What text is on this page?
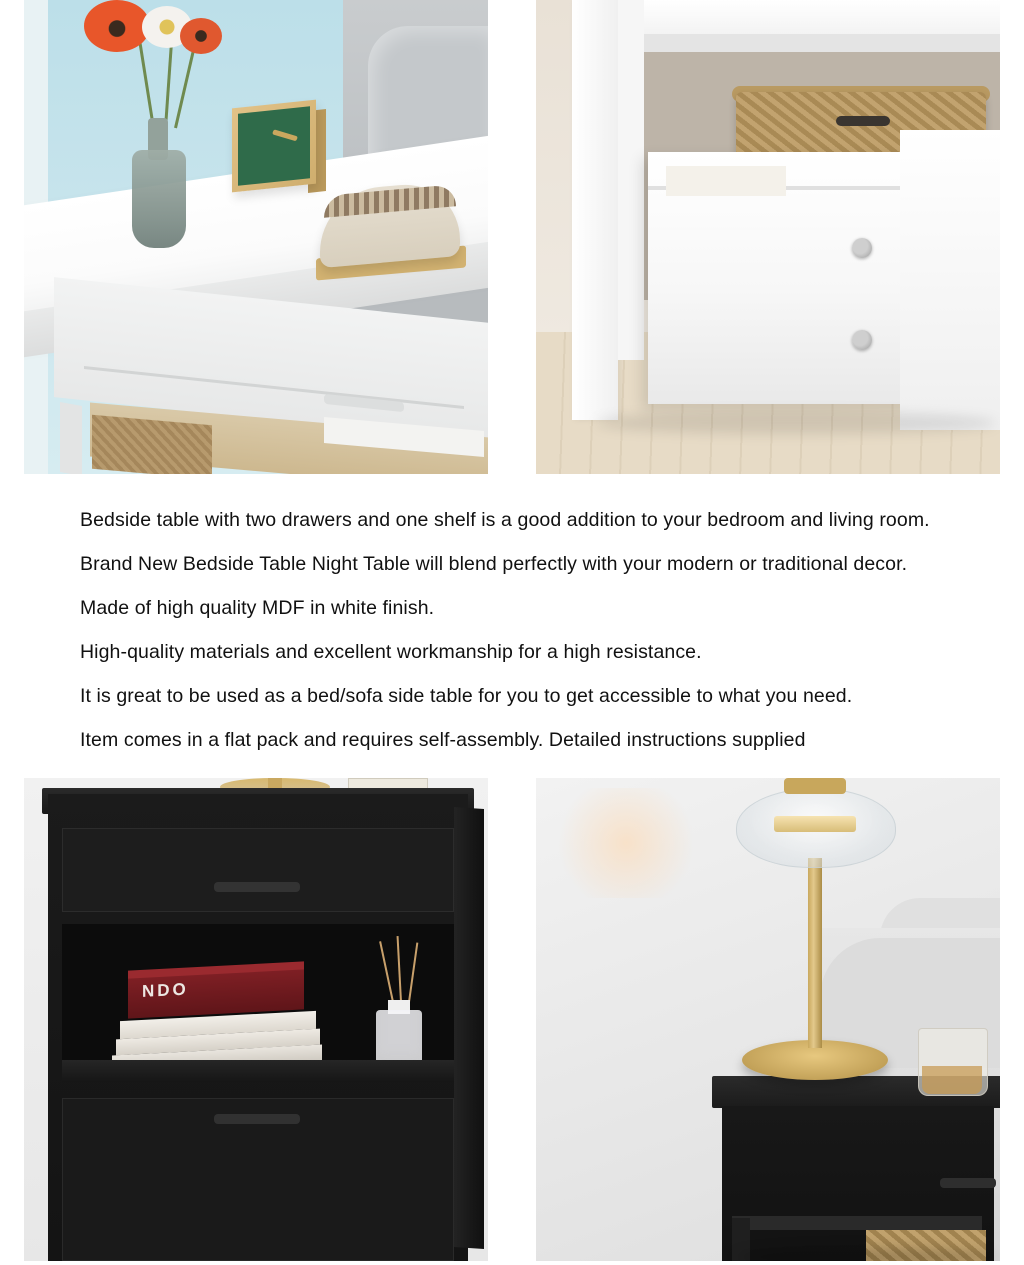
Bedside table with two drawers and one shelf is a good addition to your bedroom and living room.
Brand New Bedside Table Night Table will blend perfectly with your modern or traditional decor.
Made of high quality MDF in white finish.
High-quality materials and excellent workmanship for a high resistance.
It is great to be used as a bed/sofa side table for you to get accessible to what you need.
Item comes in a flat pack and requires self-assembly. Detailed instructions supplied
NDO
